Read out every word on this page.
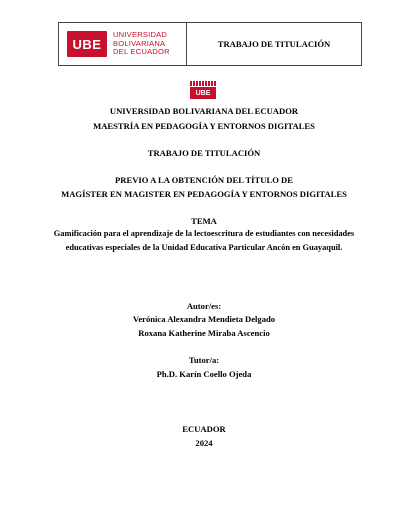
UBE
UNIVERSIDAD
BOLIVARIANA
DEL ECUADOR
TRABAJO DE TITULACIÓN
UBE
UNIVERSIDAD BOLIVARIANA DEL ECUADOR
MAESTRÍA EN PEDAGOGÍA Y ENTORNOS DIGITALES
TRABAJO DE TITULACIÓN
PREVIO A LA OBTENCIÓN DEL TÍTULO DE
MAGÍSTER EN MAGISTER EN PEDAGOGÍA Y ENTORNOS DIGITALES
TEMA
Gamificación para el aprendizaje de la lectoescritura de estudiantes con necesidades
educativas especiales de la Unidad Educativa Particular Ancón en Guayaquil.
Autor/es:
Verónica Alexandra Mendieta Delgado
Roxana Katherine Miraba Ascencio
Tutor/a:
Ph.D. Karín Coello Ojeda
ECUADOR
2024
